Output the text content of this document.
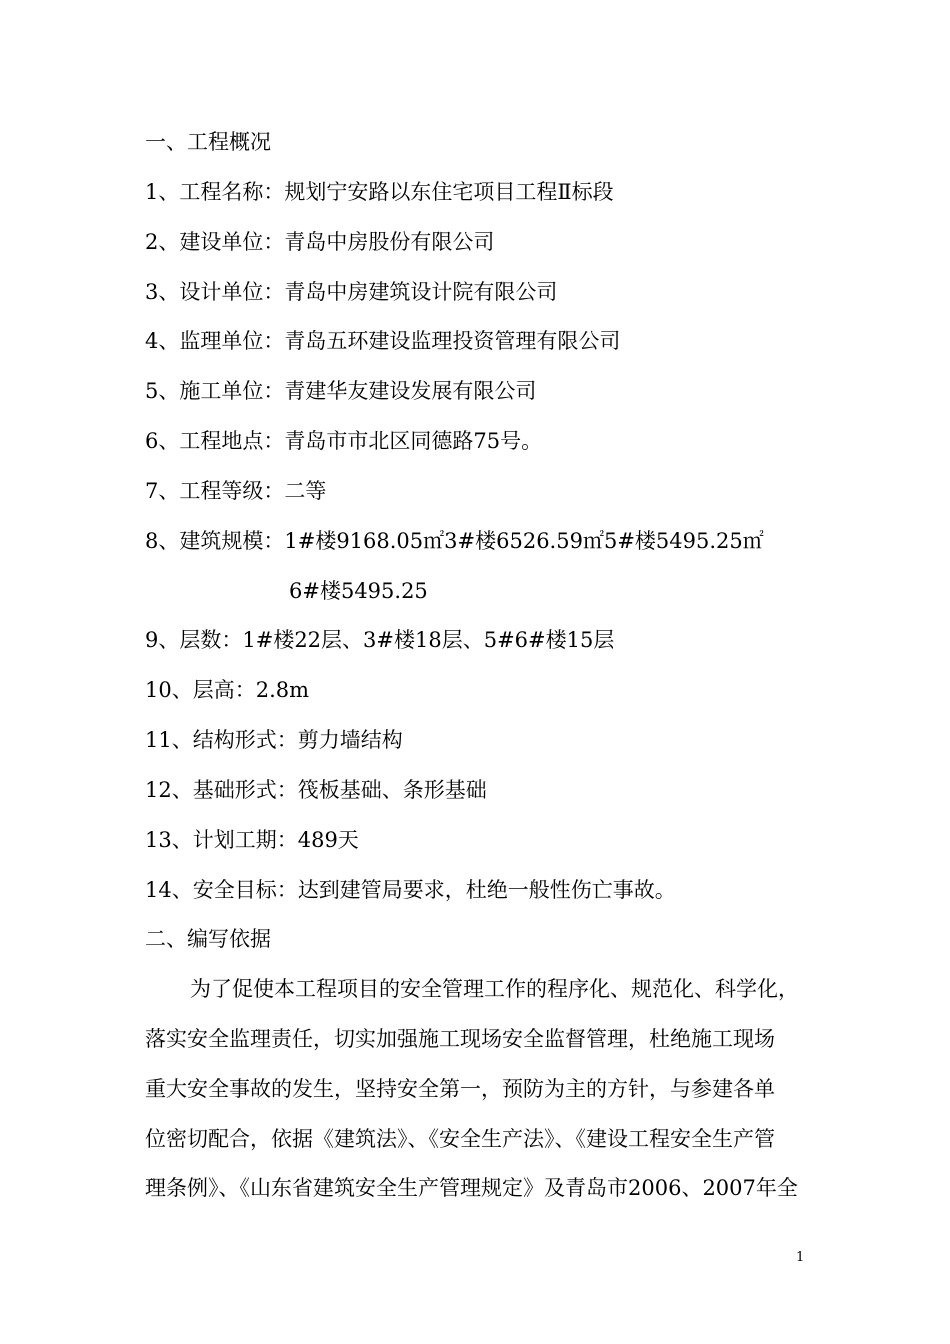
一、工程概况
1、工程名称：规划宁安路以东住宅项目工程Ⅱ标段
2、建设单位：青岛中房股份有限公司
3、设计单位：青岛中房建筑设计院有限公司
4、监理单位：青岛五环建设监理投资管理有限公司
5、施工单位：青建华友建设发展有限公司
6、工程地点：青岛市市北区同德路75号。
7、工程等级：二等
8、建筑规模：1#楼9168.05㎡3#楼6526.59㎡5#楼5495.25㎡
6#楼5495.25
9、层数：1#楼22层、3#楼18层、5#6#楼15层
10、层高：2.8m
11、结构形式：剪力墙结构
12、基础形式：筏板基础、条形基础
13、计划工期：489天
14、安全目标：达到建管局要求，杜绝一般性伤亡事故。
二、编写依据
为了促使本工程项目的安全管理工作的程序化、规范化、科学化，
落实安全监理责任，切实加强施工现场安全监督管理，杜绝施工现场
重大安全事故的发生，坚持安全第一，预防为主的方针，与参建各单
位密切配合，依据《建筑法》、《安全生产法》、《建设工程安全生产管
理条例》、《山东省建筑安全生产管理规定》及青岛市2006、2007年全
1
